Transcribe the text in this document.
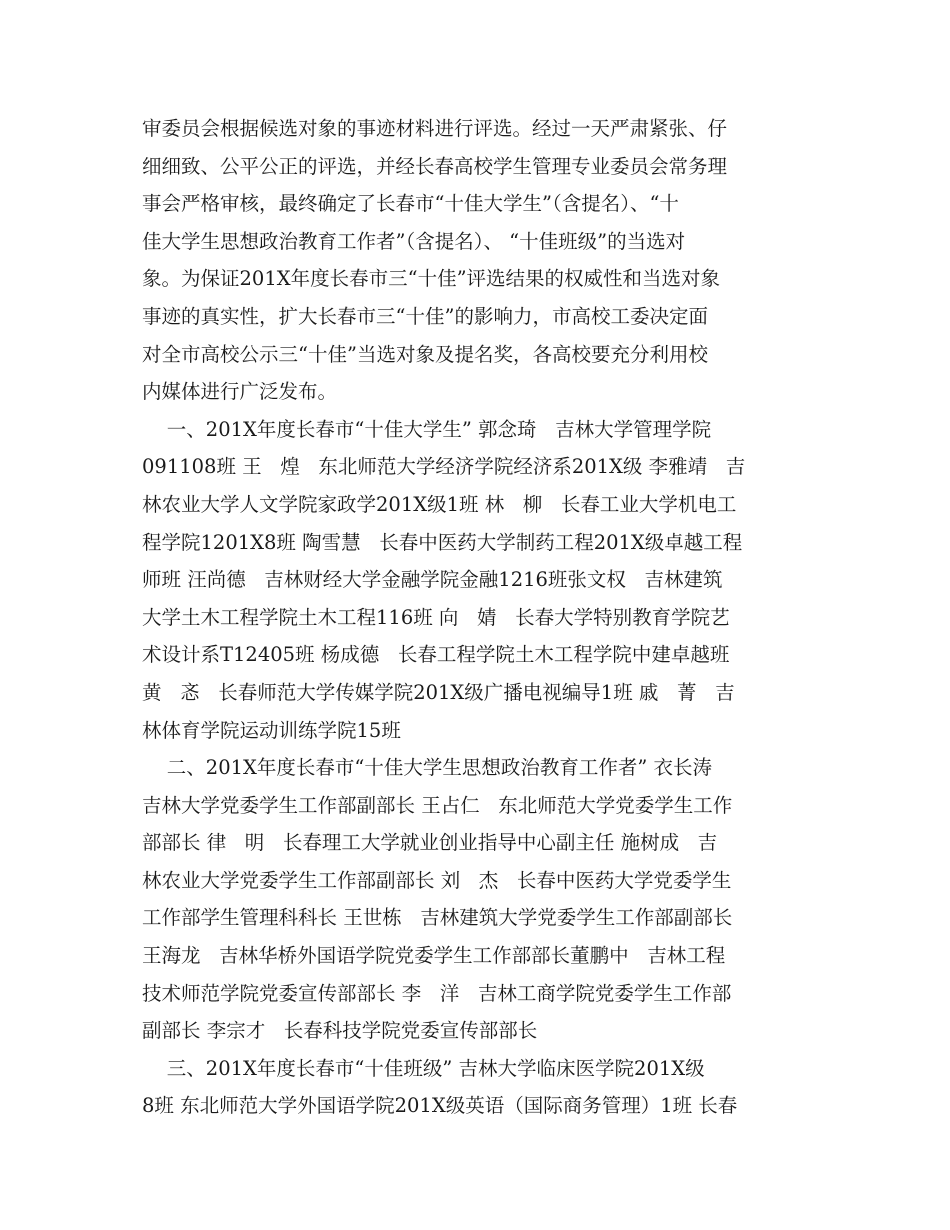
审委员会根据候选对象的事迹材料进行评选。经过一天严肃紧张、仔
细细致、公平公正的评选，并经长春高校学生管理专业委员会常务理
事会严格审核，最终确定了长春市“十佳大学生”（含提名）、“十
佳大学生思想政治教育工作者”（含提名）、 “十佳班级”的当选对
象。为保证201X年度长春市三“十佳”评选结果的权威性和当选对象
事迹的真实性，扩大长春市三“十佳”的影响力，市高校工委决定面
对全市高校公示三“十佳”当选对象及提名奖，各高校要充分利用校
内媒体进行广泛发布。
一、201X年度长春市“十佳大学生” 郭念琦   吉林大学管理学院
091108班 王   煌   东北师范大学经济学院经济系201X级 李雅靖   吉
林农业大学人文学院家政学201X级1班 林   柳   长春工业大学机电工
程学院1201X8班 陶雪慧   长春中医药大学制药工程201X级卓越工程
师班 汪尚德   吉林财经大学金融学院金融1216班张文权   吉林建筑
大学土木工程学院土木工程116班 向   婧   长春大学特别教育学院艺
术设计系T12405班 杨成德   长春工程学院土木工程学院中建卓越班
黄   忞   长春师范大学传媒学院201X级广播电视编导1班 戚   菁   吉
林体育学院运动训练学院15班
二、201X年度长春市“十佳大学生思想政治教育工作者” 衣长涛
吉林大学党委学生工作部副部长 王占仁   东北师范大学党委学生工作
部部长 律   明   长春理工大学就业创业指导中心副主任 施树成   吉
林农业大学党委学生工作部副部长 刘   杰   长春中医药大学党委学生
工作部学生管理科科长 王世栋   吉林建筑大学党委学生工作部副部长
王海龙   吉林华桥外国语学院党委学生工作部部长董鹏中   吉林工程
技术师范学院党委宣传部部长 李   洋   吉林工商学院党委学生工作部
副部长 李宗才   长春科技学院党委宣传部部长
三、201X年度长春市“十佳班级” 吉林大学临床医学院201X级
8班 东北师范大学外国语学院201X级英语（国际商务管理）1班 长春
